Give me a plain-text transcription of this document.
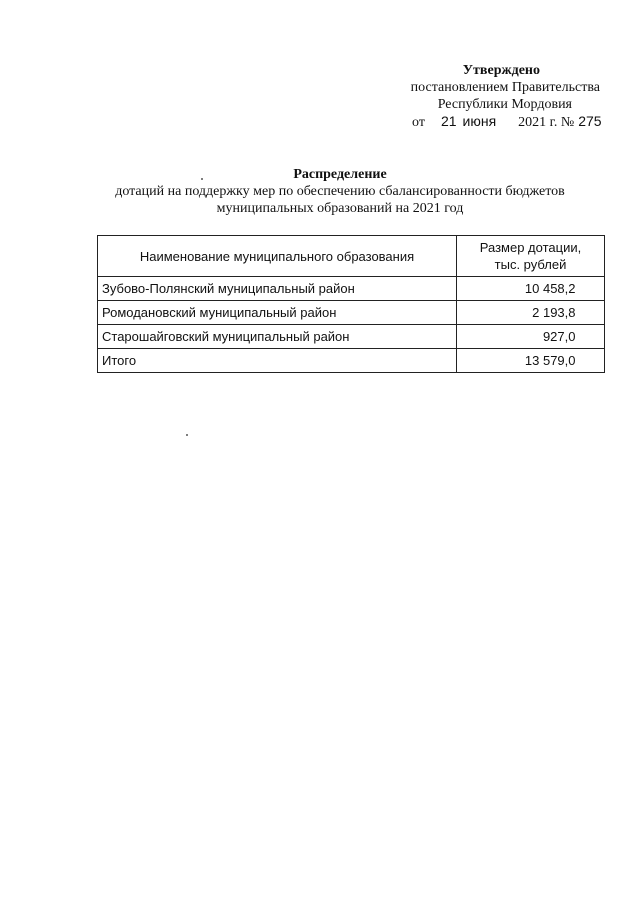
Утверждено
постановлением Правительства
Республики Мордовия
от 21 июня 2021 г. № 275
Распределение
дотаций на поддержку мер по обеспечению сбалансированности бюджетов
муниципальных образований на 2021 год
Наименование муниципального образования	Размер дотации,
тыс. рублей

Зубово-Полянский муниципальный район	10 458,2
Ромодановский муниципальный район	2 193,8
Старошайговский муниципальный район	927,0
Итого	13 579,0
